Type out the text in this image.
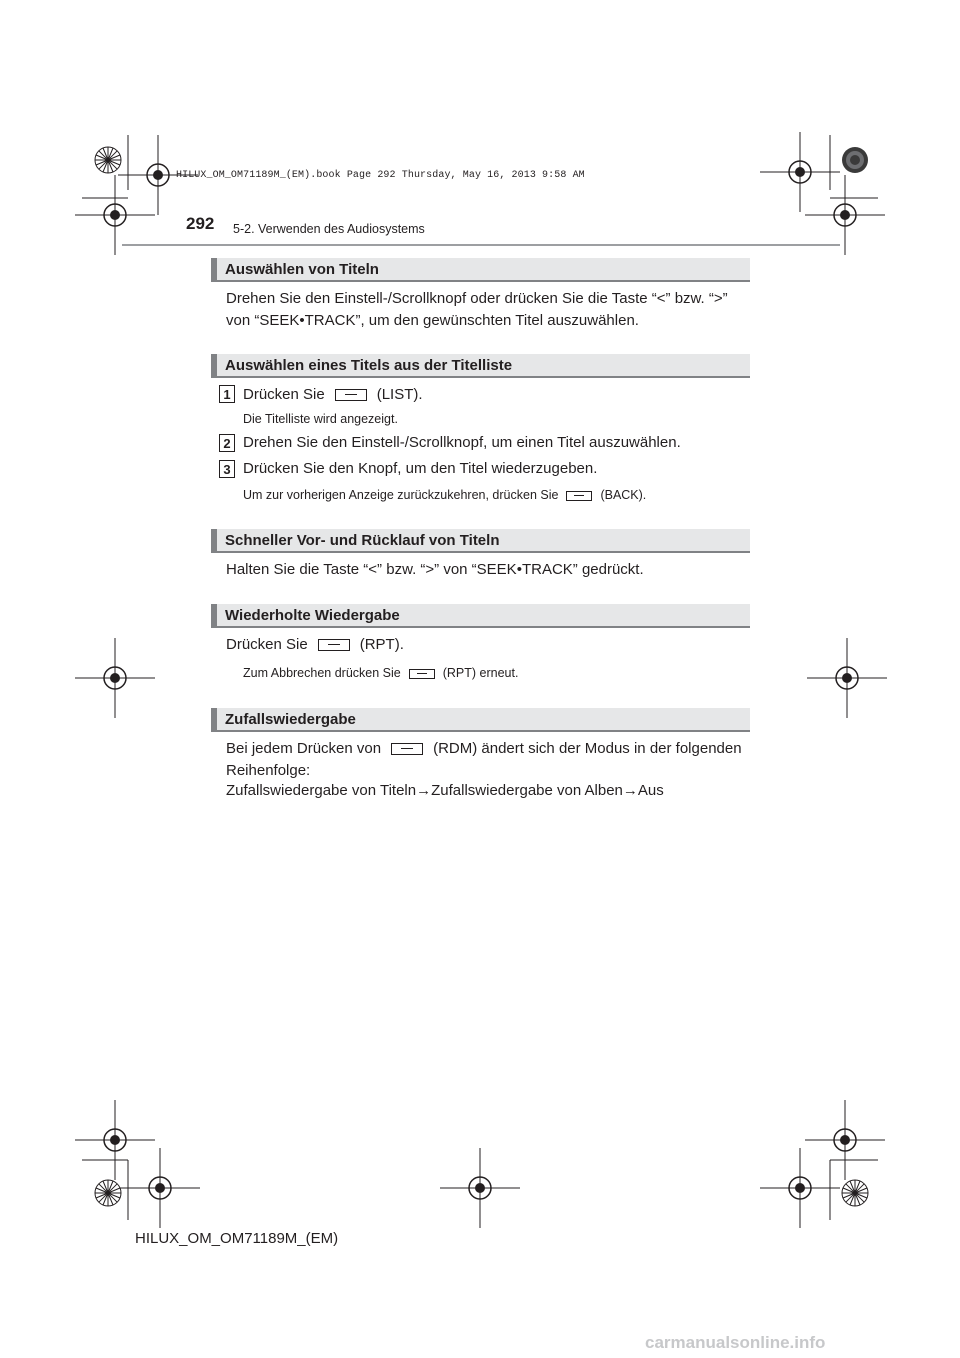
HILUX_OM_OM71189M_(EM).book Page 292 Thursday, May 16, 2013 9:58 AM
292 5-2. Verwenden des Audiosystems
Auswählen von Titeln
Drehen Sie den Einstell-/Scrollknopf oder drücken Sie die Taste “<” bzw. “>”
von “SEEK•TRACK”, um den gewünschten Titel auszuwählen.
Auswählen eines Titels aus der Titelliste
1 Drücken Sie	(LIST).
Die Titelliste wird angezeigt.
2 Drehen Sie den Einstell-/Scrollknopf, um einen Titel auszuwählen.
3 Drücken Sie den Knopf, um den Titel wiederzugeben.
Um zur vorherigen Anzeige zurückzukehren, drücken Sie	(BACK).
Schneller Vor- und Rücklauf von Titeln
Halten Sie die Taste “<” bzw. “>” von “SEEK•TRACK” gedrückt.
Wiederholte Wiedergabe
Drücken Sie	(RPT).
Zum Abbrechen drücken Sie	(RPT) erneut.
Zufallswiedergabe
Bei jedem Drücken von	(RDM) ändert sich der Modus in der folgenden
Reihenfolge:
Zufallswiedergabe von Titeln→Zufallswiedergabe von Alben→Aus
HILUX_OM_OM71189M_(EM)
carmanualsonline.info
